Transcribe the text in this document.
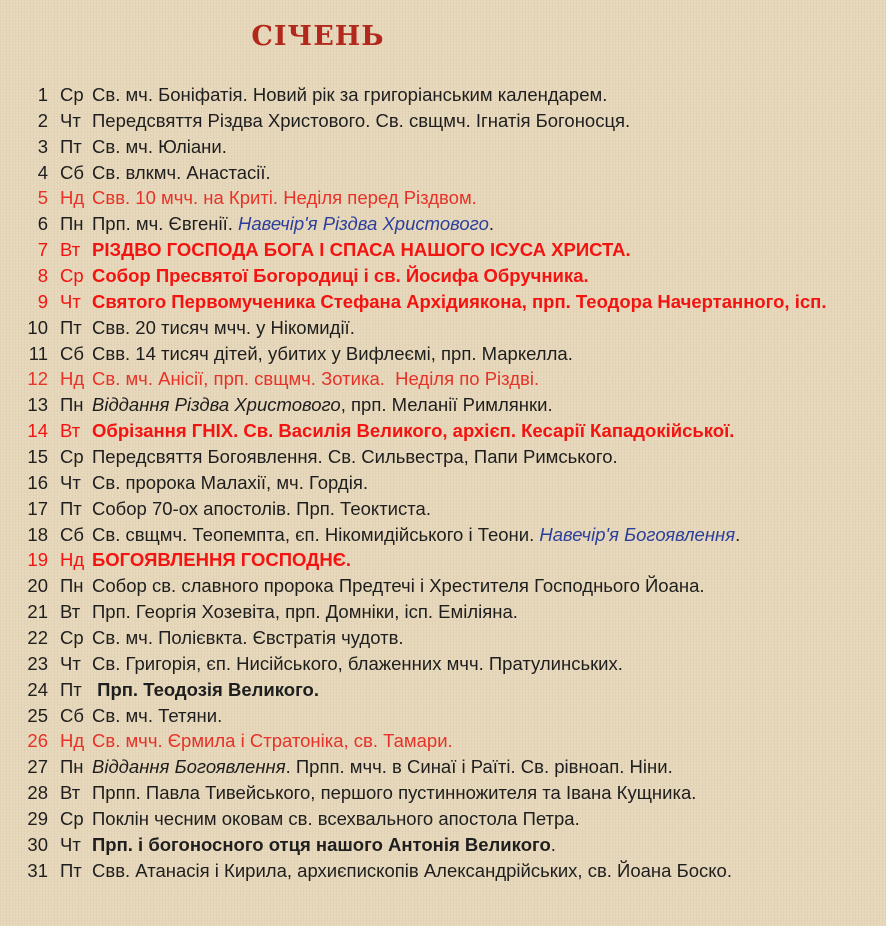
СІЧЕНЬ
1 Ср Св. мч. Боніфатія. Новий рік за григоріанським календарем.
2 Чт Передсвяття Різдва Христового. Св. свщмч. Ігнатія Богоносця.
3 Пт Св. мч. Юліани.
4 Сб Св. влкмч. Анастасії.
5 Нд Свв. 10 мчч. на Криті. Неділя перед Різдвом.
6 Пн Прп. мч. Євгенії. Навечір'я Різдва Христового.
7 Вт РІЗДВО ГОСПОДА БОГА І СПАСА НАШОГО ІСУСА ХРИСТА.
8 Ср Собор Пресвятої Богородиці і св. Йосифа Обручника.
9 Чт Святого Первомученика Стефана Архідиякона, прп. Теодора Начертанного, ісп.
10 Пт Свв. 20 тисяч мчч. у Нікомидії.
11 Сб Свв. 14 тисяч дітей, убитих у Вифлеємі, прп. Маркелла.
12 Нд Св. мч. Анісії, прп. свщмч. Зотика.  Неділя по Різдві.
13 Пн Віддання Різдва Христового, прп. Меланії Римлянки.
14 Вт Обрізання ГНІХ. Св. Василія Великого, архієп. Кесарії Кападокійської.
15 Ср Передсвяття Богоявлення. Св. Сильвестра, Папи Римського.
16 Чт Св. пророка Малахії, мч. Гордія.
17 Пт Собор 70-ох апостолів. Прп. Теоктиста.
18 Сб Св. свщмч. Теопемпта, єп. Нікомидійського і Теони. Навечір'я Богоявлення.
19 Нд БОГОЯВЛЕННЯ ГОСПОДНЄ.
20 Пн Собор св. славного пророка Предтечі і Хрестителя Господнього Йоана.
21 Вт Прп. Георгія Хозевіта, прп. Домніки, ісп. Еміліяна.
22 Ср Св. мч. Полієвкта. Євстратія чудотв.
23 Чт Св. Григорія, єп. Нисійського, блаженних мчч. Пратулинських.
24 Пт Прп. Теодозія Великого.
25 Сб Св. мч. Тетяни.
26 Нд Св. мчч. Єрмила і Стратоніка, св. Тамари.
27 Пн Віддання Богоявлення. Прпп. мчч. в Синаї і Раїті. Св. рівноап. Ніни.
28 Вт Прпп. Павла Тивейського, першого пустинножителя та Івана Кущника.
29 Ср Поклін чесним оковам св. всехвального апостола Петра.
30 Чт Прп. і богоносного отця нашого Антонія Великого.
31 Пт Свв. Атанасія і Кирила, архиєпископів Александрійських, св. Йоана Боско.
